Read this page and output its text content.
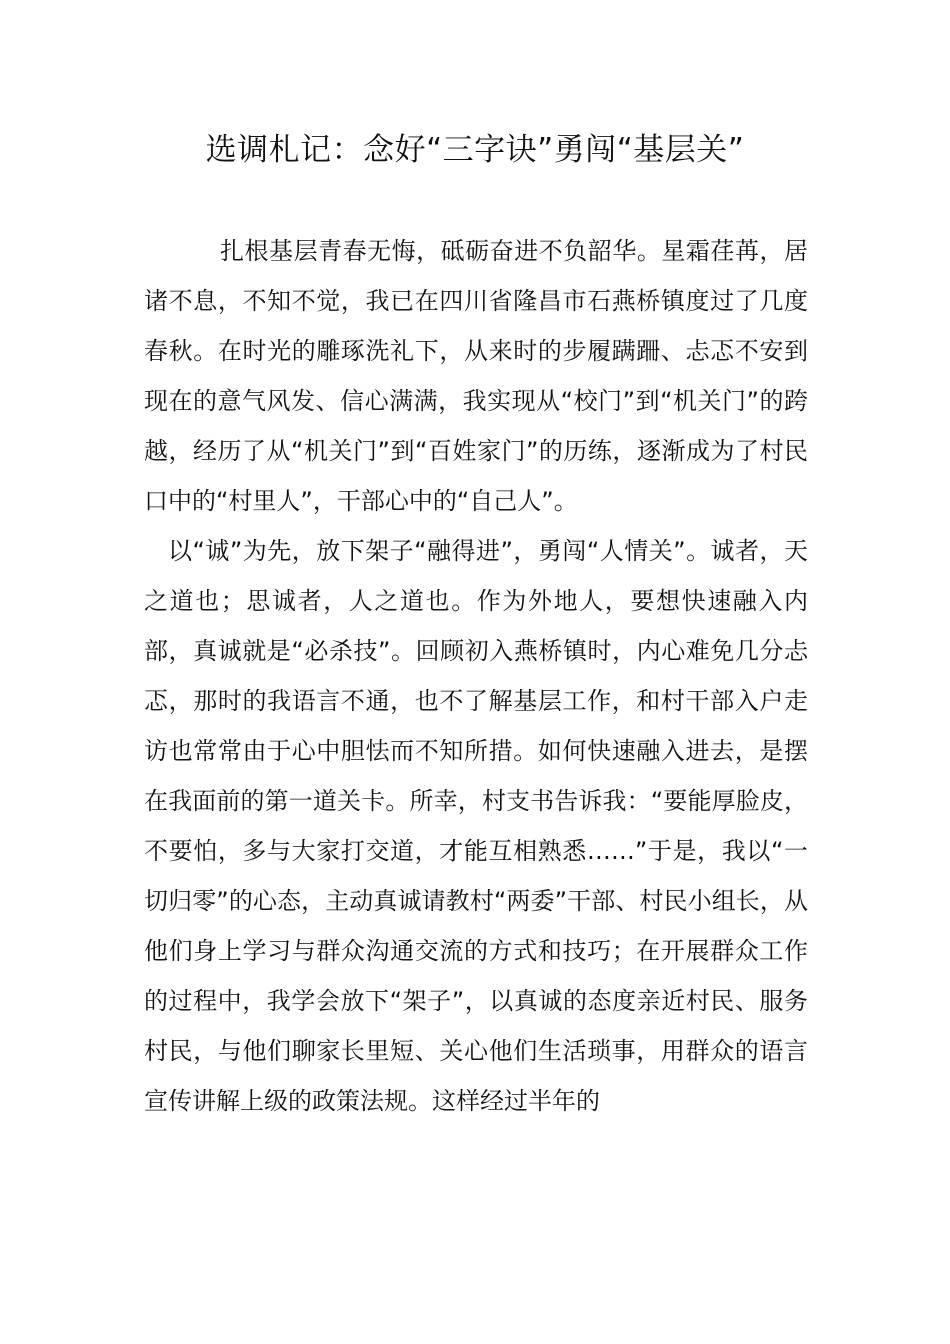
选调札记：念好“三字诀”勇闯“基层关”

扎根基层青春无悔，砥砺奋进不负韶华。星霜荏苒，居诸不息，不知不觉，我已在四川省隆昌市石燕桥镇度过了几度春秋。在时光的雕琢洗礼下，从来时的步履蹒跚、忐忑不安到现在的意气风发、信心满满，我实现从“校门”到“机关门”的跨越，经历了从“机关门”到“百姓家门”的历练，逐渐成为了村民口中的“村里人”，干部心中的“自己人”。

以“诚”为先，放下架子“融得进”，勇闯“人情关”。诚者，天之道也；思诚者，人之道也。作为外地人，要想快速融入内部，真诚就是“必杀技”。回顾初入燕桥镇时，内心难免几分忐忑，那时的我语言不通，也不了解基层工作，和村干部入户走访也常常由于心中胆怯而不知所措。如何快速融入进去，是摆在我面前的第一道关卡。所幸，村支书告诉我：“要能厚脸皮，不要怕，多与大家打交道，才能互相熟悉……”于是，我以“一切归零”的心态，主动真诚请教村“两委”干部、村民小组长，从他们身上学习与群众沟通交流的方式和技巧；在开展群众工作的过程中，我学会放下“架子”，以真诚的态度亲近村民、服务村民，与他们聊家长里短、关心他们生活琐事，用群众的语言宣传讲解上级的政策法规。这样经过半年的
